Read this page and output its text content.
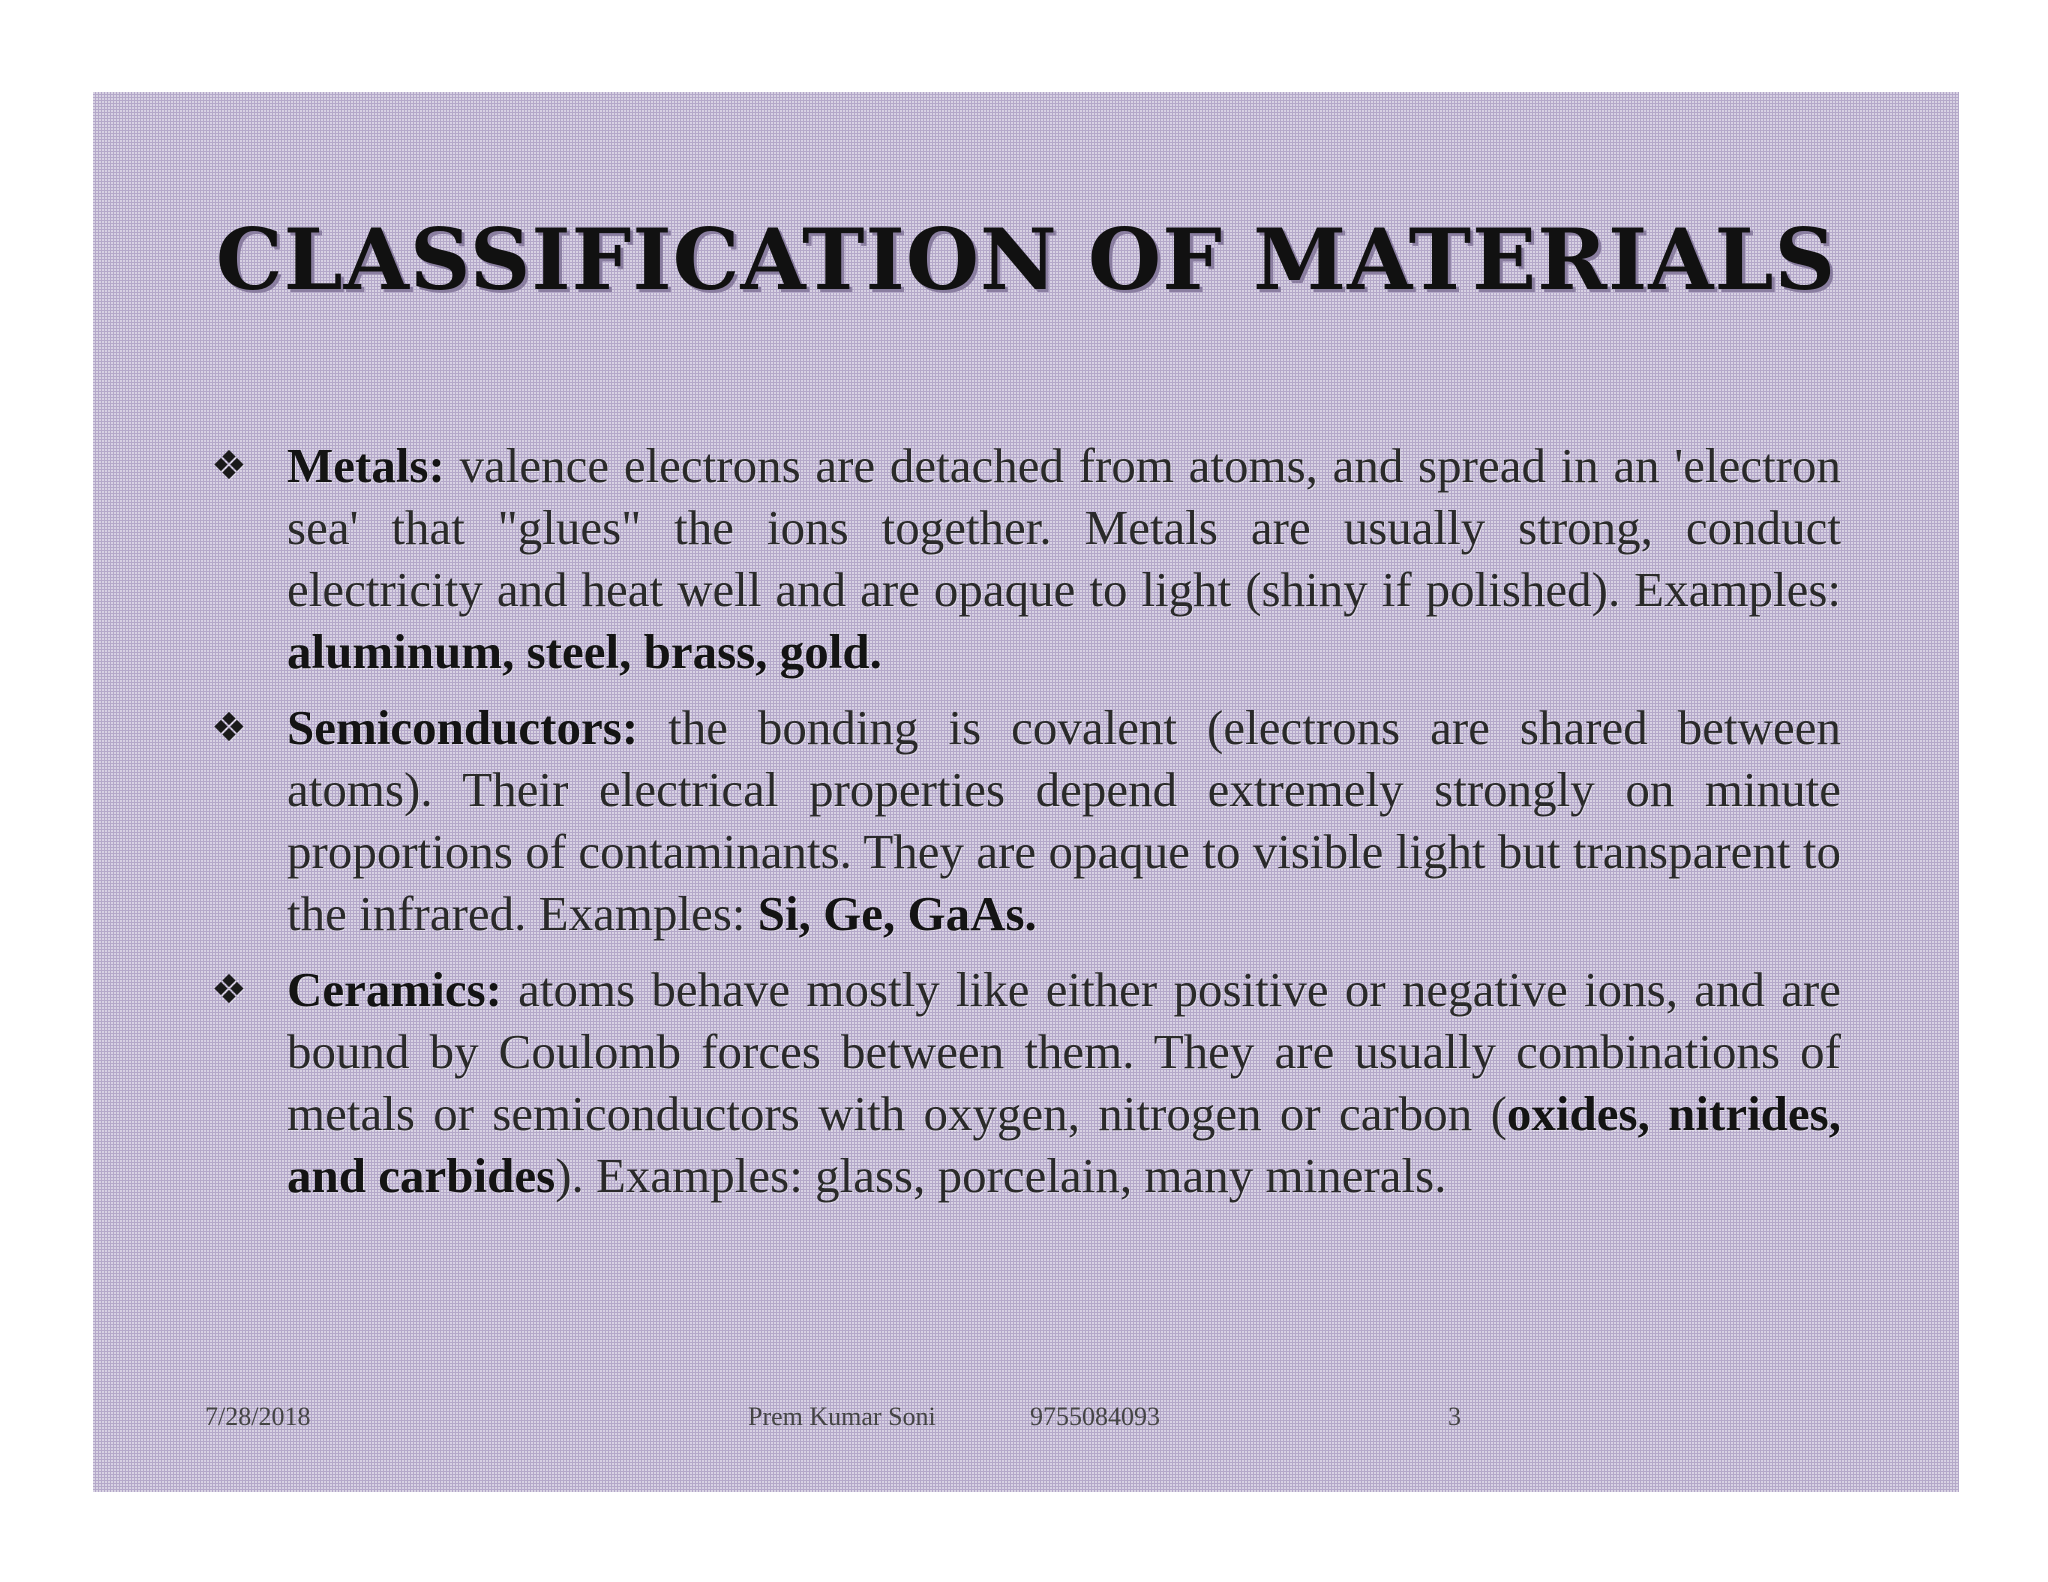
CLASSIFICATION OF MATERIALS
❖ Metals: valence electrons are detached from atoms, and spread in an 'electron sea' that "glues" the ions together. Metals are usually strong, conduct electricity and heat well and are opaque to light (shiny if polished). Examples: aluminum, steel, brass, gold.
❖ Semiconductors: the bonding is covalent (electrons are shared between atoms). Their electrical properties depend extremely strongly on minute proportions of contaminants. They are opaque to visible light but transparent to the infrared. Examples: Si, Ge, GaAs.
❖ Ceramics: atoms behave mostly like either positive or negative ions, and are bound by Coulomb forces between them. They are usually combinations of metals or semiconductors with oxygen, nitrogen or carbon (oxides, nitrides, and carbides). Examples: glass, porcelain, many minerals.
7/28/2018	Prem Kumar Soni	9755084093	3
